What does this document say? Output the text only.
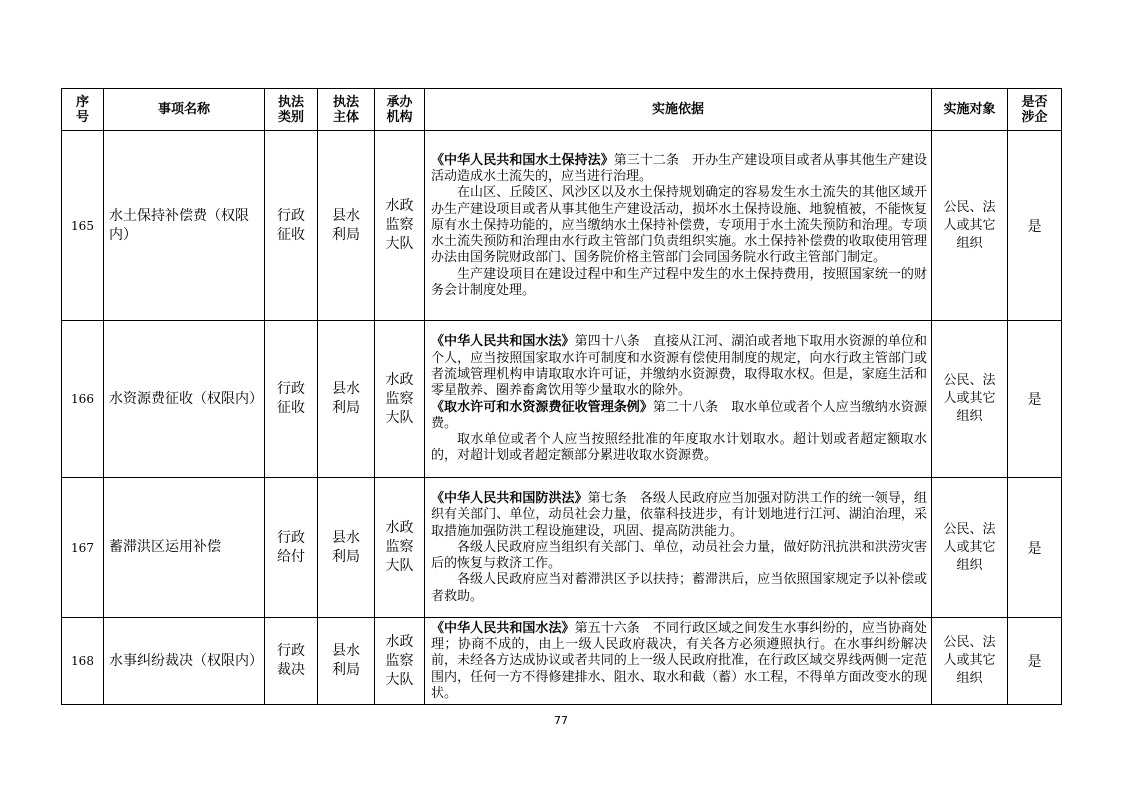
序号	事项名称	执法类别	执法主体	承办机构	实施依据	实施对象	是否涉企
165	水土保持补偿费（权限内）	行政征收	县水利局	水政监察大队	《中华人民共和国水土保持法》第三十二条　开办生产建设项目或者从事其他生产建设活动造成水土流失的，应当进行治理。
在山区、丘陵区、风沙区以及水土保持规划确定的容易发生水土流失的其他区域开办生产建设项目或者从事其他生产建设活动，损坏水土保持设施、地貌植被，不能恢复原有水土保持功能的，应当缴纳水土保持补偿费，专项用于水土流失预防和治理。专项水土流失预防和治理由水行政主管部门负责组织实施。水土保持补偿费的收取使用管理办法由国务院财政部门、国务院价格主管部门会同国务院水行政主管部门制定。
生产建设项目在建设过程中和生产过程中发生的水土保持费用，按照国家统一的财务会计制度处理。	公民、法人或其它组织	是
166	水资源费征收（权限内）	行政征收	县水利局	水政监察大队	《中华人民共和国水法》第四十八条　直接从江河、湖泊或者地下取用水资源的单位和个人，应当按照国家取水许可制度和水资源有偿使用制度的规定，向水行政主管部门或者流域管理机构申请取取水许可证，并缴纳水资源费，取得取水权。但是，家庭生活和零星散养、圈养畜禽饮用等少量取水的除外。
《取水许可和水资源费征收管理条例》第二十八条　取水单位或者个人应当缴纳水资源费。
取水单位或者个人应当按照经批准的年度取水计划取水。超计划或者超定额取水的，对超计划或者超定额部分累进收取水资源费。	公民、法人或其它组织	是
167	蓄滞洪区运用补偿	行政给付	县水利局	水政监察大队	《中华人民共和国防洪法》第七条　各级人民政府应当加强对防洪工作的统一领导，组织有关部门、单位，动员社会力量，依靠科技进步，有计划地进行江河、湖泊治理，采取措施加强防洪工程设施建设，巩固、提高防洪能力。
各级人民政府应当组织有关部门、单位，动员社会力量，做好防汛抗洪和洪涝灾害后的恢复与救济工作。
各级人民政府应当对蓄滞洪区予以扶持；蓄滞洪后，应当依照国家规定予以补偿或者救助。	公民、法人或其它组织	是
168	水事纠纷裁决（权限内）	行政裁决	县水利局	水政监察大队	《中华人民共和国水法》第五十六条　不同行政区域之间发生水事纠纷的，应当协商处理；协商不成的，由上一级人民政府裁决，有关各方必须遵照执行。在水事纠纷解决前，未经各方达成协议或者共同的上一级人民政府批准，在行政区域交界线两侧一定范围内，任何一方不得修建排水、阻水、取水和截（蓄）水工程，不得单方面改变水的现状。	公民、法人或其它组织	是
77
